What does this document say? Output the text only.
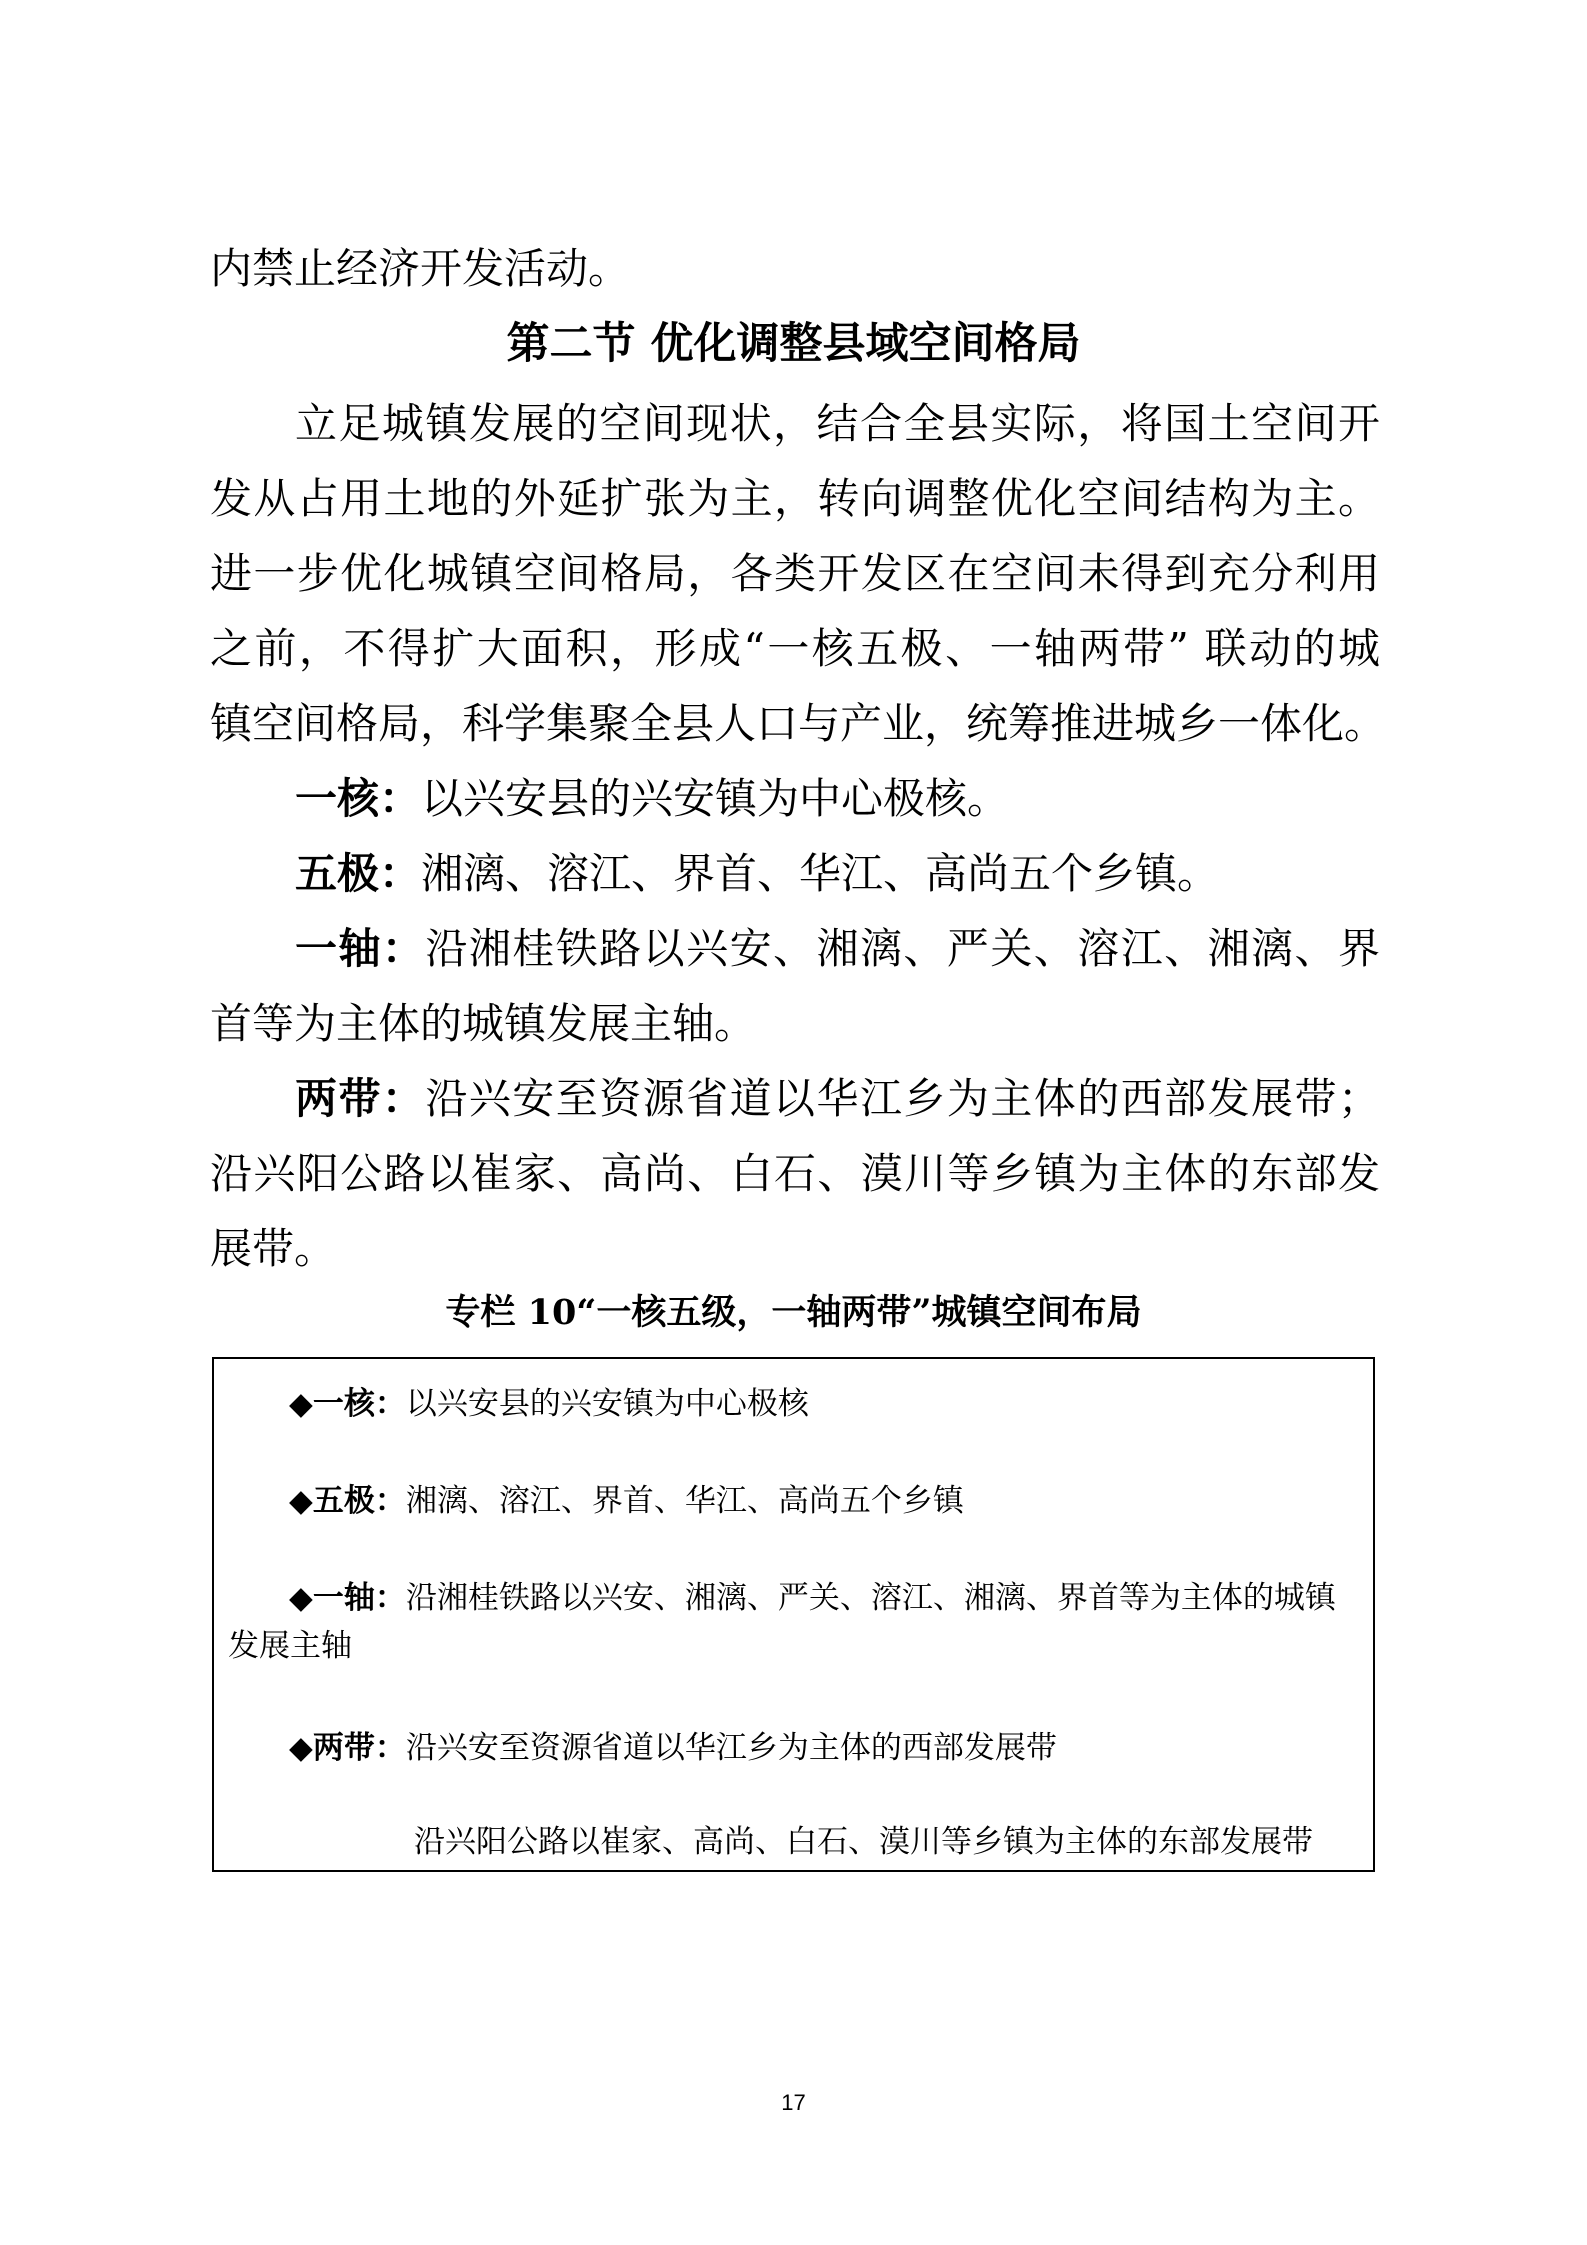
内禁止经济开发活动。
第二节 优化调整县域空间格局
立足城镇发展的空间现状，结合全县实际，将国土空间开
发从占用土地的外延扩张为主，转向调整优化空间结构为主。
进一步优化城镇空间格局，各类开发区在空间未得到充分利用
之前，不得扩大面积，形成“一核五极、一轴两带” 联动的城
镇空间格局，科学集聚全县人口与产业，统筹推进城乡一体化。
一核：以兴安县的兴安镇为中心极核。
五极：湘漓、溶江、界首、华江、高尚五个乡镇。
一轴：沿湘桂铁路以兴安、湘漓、严关、溶江、湘漓、界
首等为主体的城镇发展主轴。
两带：沿兴安至资源省道以华江乡为主体的西部发展带；
沿兴阳公路以崔家、高尚、白石、漠川等乡镇为主体的东部发
展带。
专栏 10“一核五级，一轴两带”城镇空间布局
◆一核：以兴安县的兴安镇为中心极核
◆五极：湘漓、溶江、界首、华江、高尚五个乡镇
◆一轴：沿湘桂铁路以兴安、湘漓、严关、溶江、湘漓、界首等为主体的城镇
发展主轴
◆两带：沿兴安至资源省道以华江乡为主体的西部发展带
沿兴阳公路以崔家、高尚、白石、漠川等乡镇为主体的东部发展带
17
